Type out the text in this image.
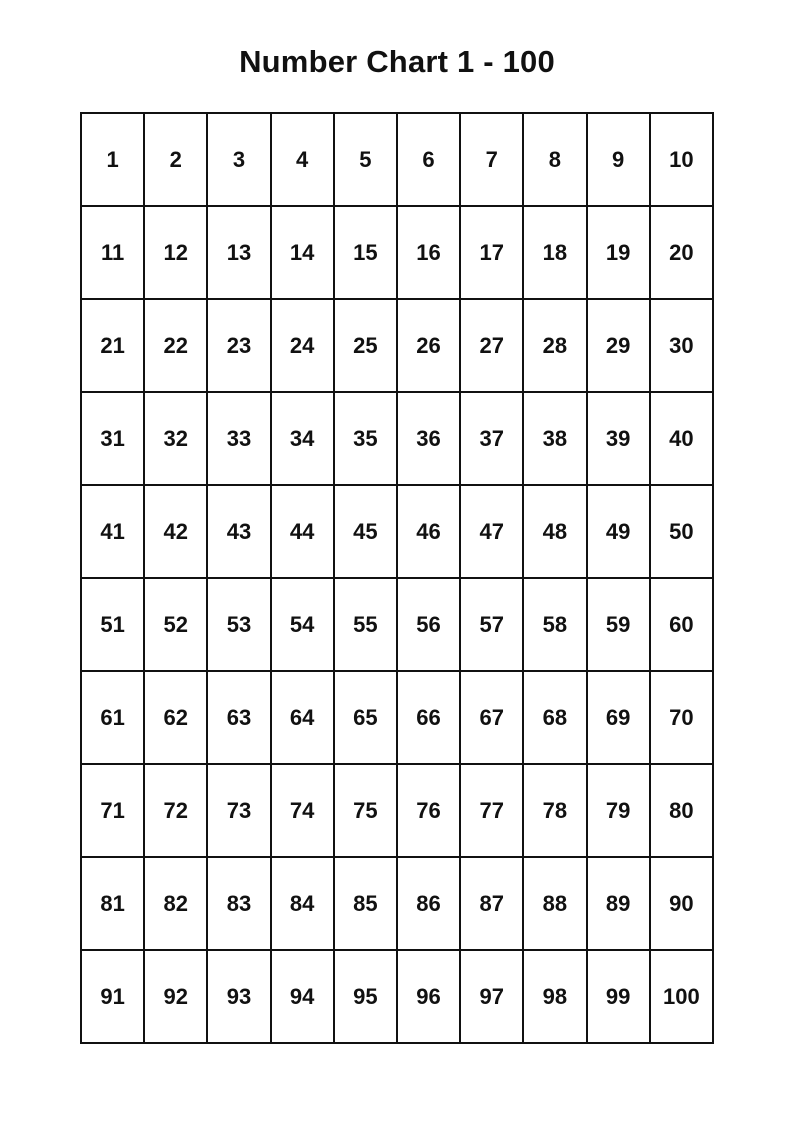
Number Chart 1 - 100
1	2	3	4	5	6	7	8	9	10
11	12	13	14	15	16	17	18	19	20
21	22	23	24	25	26	27	28	29	30
31	32	33	34	35	36	37	38	39	40
41	42	43	44	45	46	47	48	49	50
51	52	53	54	55	56	57	58	59	60
61	62	63	64	65	66	67	68	69	70
71	72	73	74	75	76	77	78	79	80
81	82	83	84	85	86	87	88	89	90
91	92	93	94	95	96	97	98	99	100
